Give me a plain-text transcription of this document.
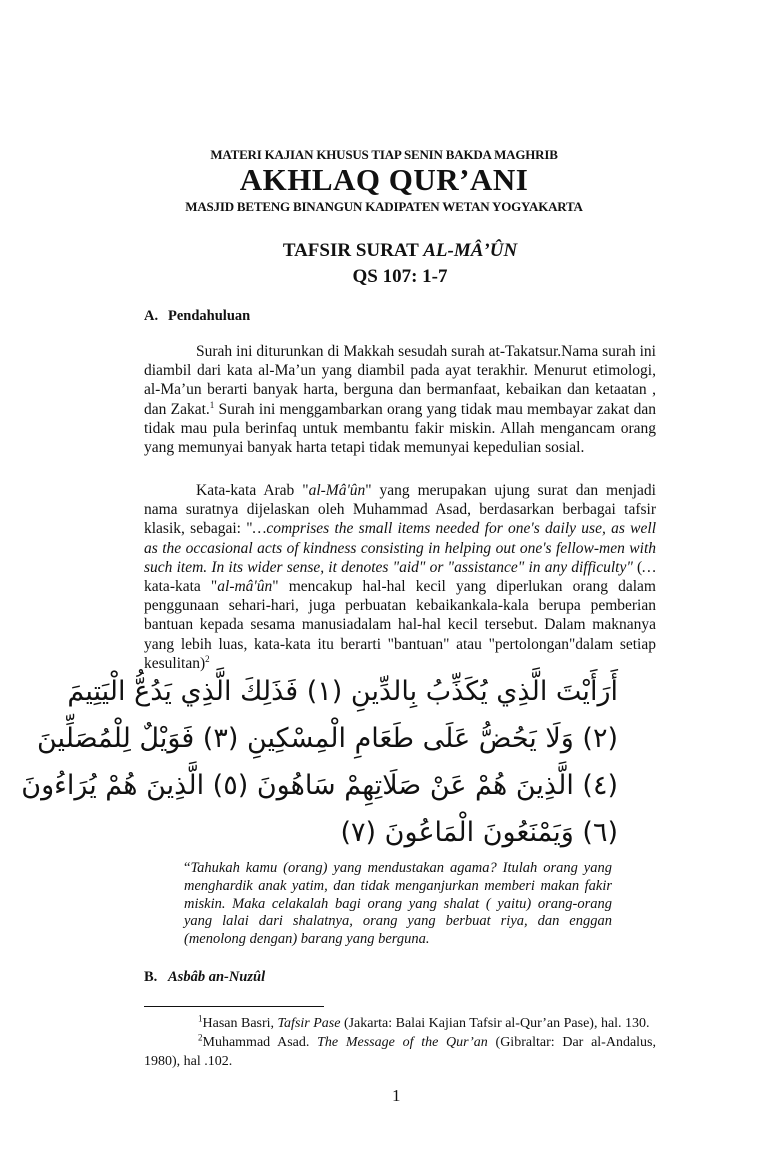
MATERI KAJIAN KHUSUS TIAP SENIN BAKDA MAGHRIB
AKHLAQ QUR’ANI
MASJID BETENG BINANGUN KADIPATEN WETAN YOGYAKARTA
TAFSIR SURAT AL-MÂ’ÛN
QS 107: 1-7
A. Pendahuluan

Surah ini diturunkan di Makkah sesudah surah at-Takatsur.Nama surah ini diambil dari kata al-Ma’un yang diambil pada ayat terakhir. Menurut etimologi, al-Ma’un berarti banyak harta, berguna dan bermanfaat, kebaikan dan ketaatan , dan Zakat.$^1$ Surah ini menggambarkan orang yang tidak mau membayar zakat dan tidak mau pula berinfaq untuk membantu fakir miskin. Allah mengancam orang yang memunyai banyak harta tetapi tidak memunyai kepedulian sosial.

Kata-kata Arab "al-Mâ'ûn" yang merupakan ujung surat dan menjadi nama suratnya dijelaskan oleh Muhammad Asad, berdasarkan berbagai tafsir klasik, sebagai: "…comprises the small items needed for one's daily use, as well as the occasional acts of kindness consisting in helping out one's fellow-men with such item. In its wider sense, it denotes "aid" or "assistance" in any difficulty" (… kata-kata "al-mâ'ûn" mencakup hal-hal kecil yang diperlukan orang dalam penggunaan sehari-hari, juga perbuatan kebaikankala-kala berupa pemberian bantuan kepada sesama manusiadalam hal-hal kecil tersebut. Dalam maknanya yang lebih luas, kata-kata itu berarti "bantuan" atau "pertolongan"dalam setiap kesulitan)$^2$

أَرَأَيْتَ الَّذِي يُكَذِّبُ بِالدِّينِ (١) فَذَلِكَ الَّذِي يَدُعُّ الْيَتِيمَ
(٢) وَلَا يَحُضُّ عَلَى طَعَامِ الْمِسْكِينِ (٣) فَوَيْلٌ لِلْمُصَلِّينَ
(٤) الَّذِينَ هُمْ عَنْ صَلَاتِهِمْ سَاهُونَ (٥) الَّذِينَ هُمْ يُرَاءُونَ
(٦) وَيَمْنَعُونَ الْمَاعُونَ (٧)
“Tahukah kamu (orang) yang mendustakan agama? Itulah orang yang menghardik anak yatim, dan tidak menganjurkan memberi makan fakir miskin. Maka celakalah bagi orang yang shalat ( yaitu) orang-orang yang lalai dari shalatnya, orang yang berbuat riya, dan enggan (menolong dengan) barang yang berguna.
B. Asbâb an-Nuzûl

$^1$Hasan Basri, Tafsir Pase (Jakarta: Balai Kajian Tafsir al-Qur’an Pase), hal. 130.

$^2$Muhammad Asad. The Message of the Qur’an (Gibraltar: Dar al-Andalus, 1980), hal .102.

1
